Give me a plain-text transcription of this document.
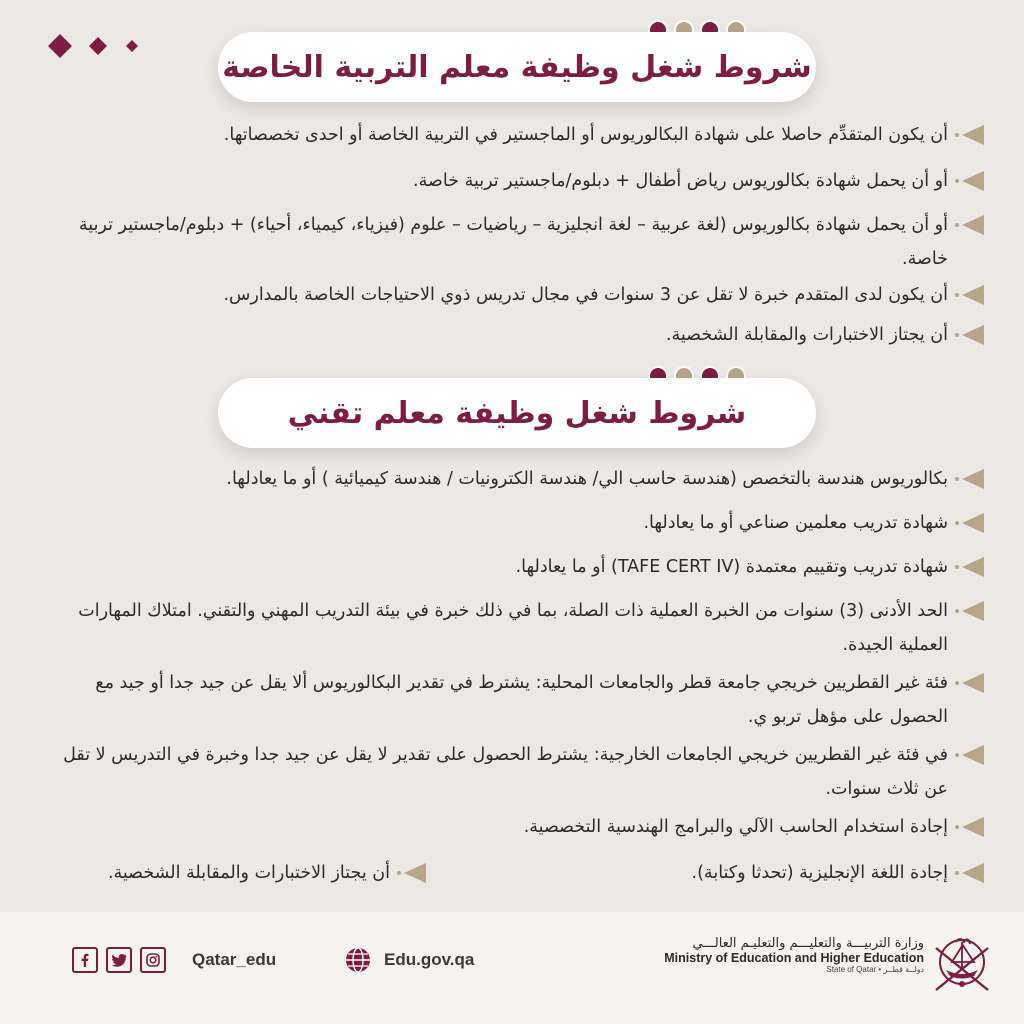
شروط شغل وظيفة معلم التربية الخاصة
أن يكون المتقدِّم حاصلا على شهادة البكالوريوس أو الماجستير في التربية الخاصة أو احدى تخصصاتها.
أو أن يحمل شهادة بكالوريوس رياض أطفال + دبلوم/ماجستير تربية خاصة.
أو أن يحمل شهادة بكالوريوس (لغة عربية – لغة انجليزية – رياضيات – علوم (فيزياء، كيمياء، أحياء) + دبلوم/ماجستير تربية خاصة.
أن يكون لدى المتقدم خبرة لا تقل عن 3 سنوات في مجال تدريس ذوي الاحتياجات الخاصة بالمدارس.
أن يجتاز الاختبارات والمقابلة الشخصية.
شروط شغل وظيفة معلم تقني
بكالوريوس هندسة بالتخصص (هندسة حاسب الي/ هندسة الكترونيات / هندسة كيميائية ) أو ما يعادلها.
شهادة تدريب معلمين صناعي أو ما يعادلها.
شهادة تدريب وتقييم معتمدة (TAFE CERT IV) أو ما يعادلها.
الحد الأدنى (3) سنوات من الخبرة العملية ذات الصلة، بما في ذلك خبرة في بيئة التدريب المهني والتقني. امتلاك المهارات العملية الجيدة.
فئة غير القطريين خريجي جامعة قطر والجامعات المحلية: يشترط في تقدير البكالوريوس ألا يقل عن جيد جدا أو جيد مع الحصول على مؤهل تربو ي.
في فئة غير القطريين خريجي الجامعات الخارجية: يشترط الحصول على تقدير لا يقل عن جيد جدا وخبرة في التدريس لا تقل عن ثلاث سنوات.
إجادة استخدام الحاسب الآلي والبرامج الهندسية التخصصية.
إجادة اللغة الإنجليزية (تحدثا وكتابة).
أن يجتاز الاختبارات والمقابلة الشخصية.
Qatar_edu	Edu.gov.qa
وزارة التربيـــة والتعليـــم والتعليـم العالـــي
Ministry of Education and Higher Education
State of Qatar • دولــة قطــر
